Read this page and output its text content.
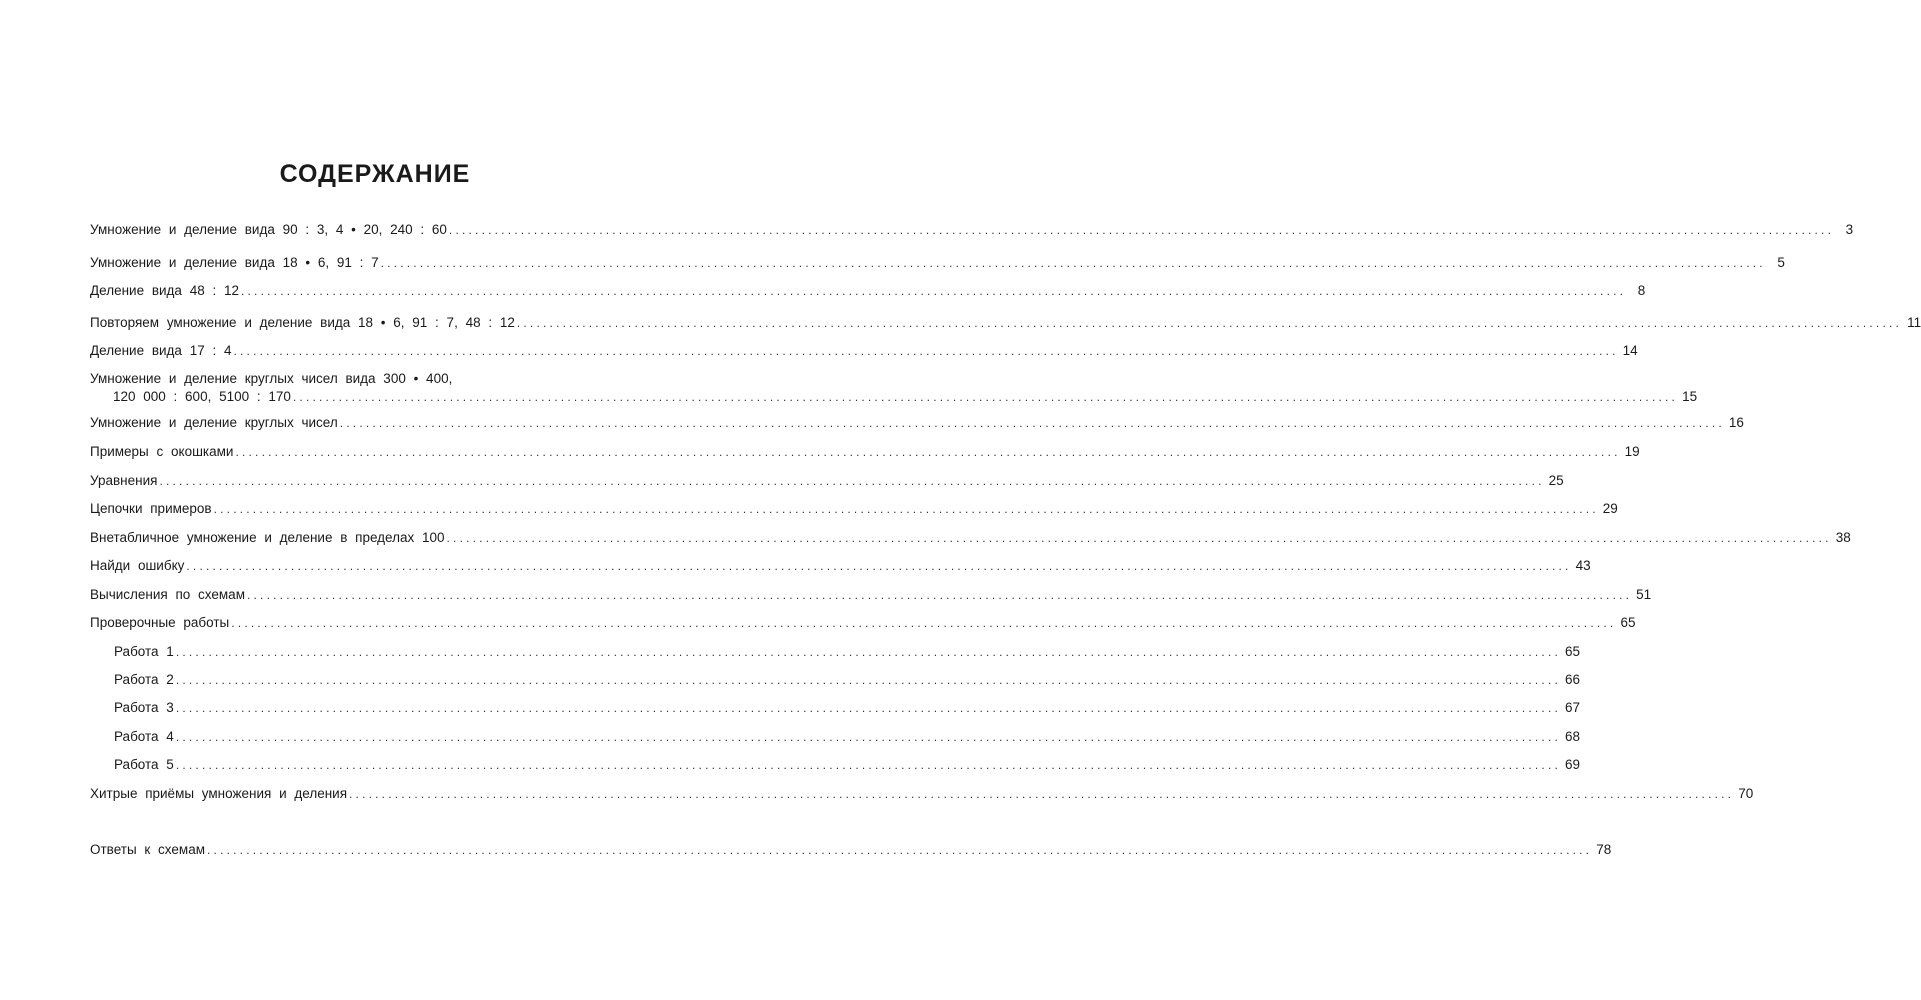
СОДЕРЖАНИЕ
Умножение и деление вида 90 : 3, 4 • 20, 240 : 60 .................................................................................................................................................................................................................... 3
Умножение и деление вида 18 • 6, 91 : 7 .................................................................................................................................................................................................................... 5
Деление вида 48 : 12 .................................................................................................................................................................................................................... 8
Повторяем умножение и деление вида 18 • 6, 91 : 7, 48 : 12 .................................................................................................................................................................................................................... 11
Деление вида 17 : 4 .................................................................................................................................................................................................................... 14
Умножение и деление круглых чисел вида 300 • 400,
120 000 : 600, 5100 : 170 .................................................................................................................................................................................................................... 15
Умножение и деление круглых чисел .................................................................................................................................................................................................................... 16
Примеры с окошками .................................................................................................................................................................................................................... 19
Уравнения .................................................................................................................................................................................................................... 25
Цепочки примеров .................................................................................................................................................................................................................... 29
Внетабличное умножение и деление в пределах 100 .................................................................................................................................................................................................................... 38
Найди ошибку .................................................................................................................................................................................................................... 43
Вычисления по схемам .................................................................................................................................................................................................................... 51
Проверочные работы .................................................................................................................................................................................................................... 65
Работа 1 .................................................................................................................................................................................................................... 65
Работа 2 .................................................................................................................................................................................................................... 66
Работа 3 .................................................................................................................................................................................................................... 67
Работа 4 .................................................................................................................................................................................................................... 68
Работа 5 .................................................................................................................................................................................................................... 69
Хитрые приёмы умножения и деления .................................................................................................................................................................................................................... 70
Ответы к схемам .................................................................................................................................................................................................................... 78
